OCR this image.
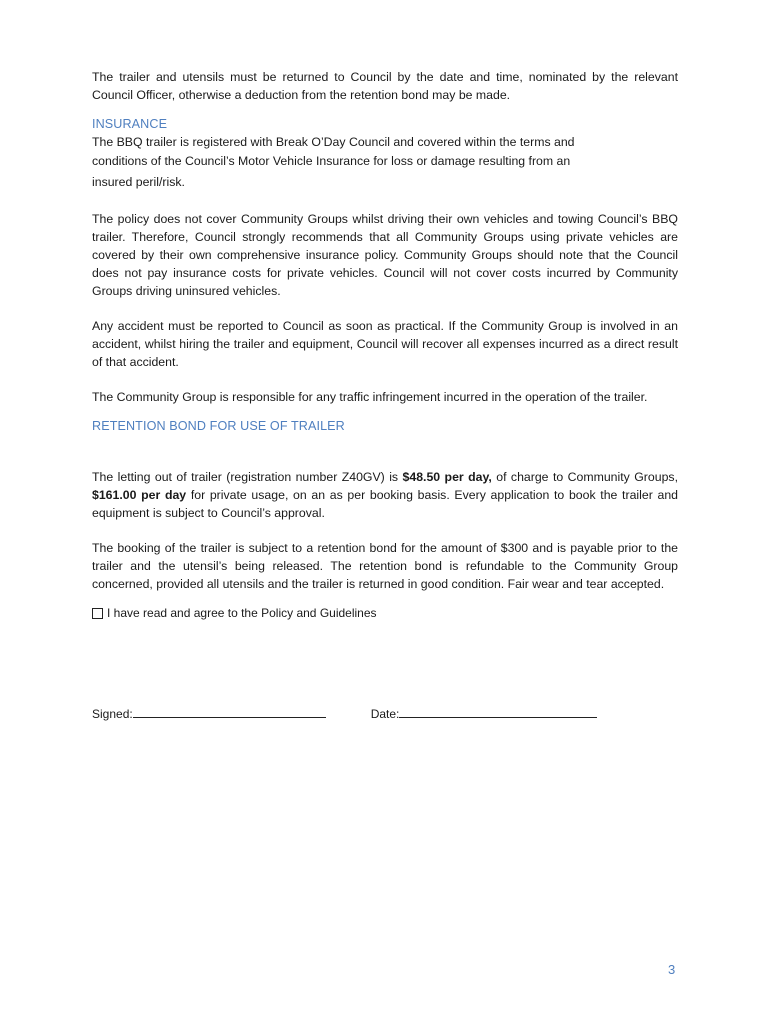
The trailer and utensils must be returned to Council by the date and time, nominated by the relevant Council Officer, otherwise a deduction from the retention bond may be made.

INSURANCE
The BBQ trailer is registered with Break O’Day Council and covered within the terms and
conditions of the Council’s Motor Vehicle Insurance for loss or damage resulting from an
insured peril/risk.

The policy does not cover Community Groups whilst driving their own vehicles and towing Council’s BBQ trailer. Therefore, Council strongly recommends that all Community Groups using private vehicles are covered by their own comprehensive insurance policy. Community Groups should note that the Council does not pay insurance costs for private vehicles. Council will not cover costs incurred by Community Groups driving uninsured vehicles.

Any accident must be reported to Council as soon as practical. If the Community Group is involved in an accident, whilst hiring the trailer and equipment, Council will recover all expenses incurred as a direct result of that accident.

The Community Group is responsible for any traffic infringement incurred in the operation of the trailer.

RETENTION BOND FOR USE OF TRAILER

The letting out of trailer (registration number Z40GV) is $48.50 per day, of charge to Community Groups, $161.00 per day for private usage, on an as per booking basis. Every application to book the trailer and equipment is subject to Council’s approval.

The booking of the trailer is subject to a retention bond for the amount of $300 and is payable prior to the trailer and the utensil’s being released. The retention bond is refundable to the Community Group concerned, provided all utensils and the trailer is returned in good condition. Fair wear and tear accepted.

I have read and agree to the Policy and Guidelines
Signed:	Date:
3
